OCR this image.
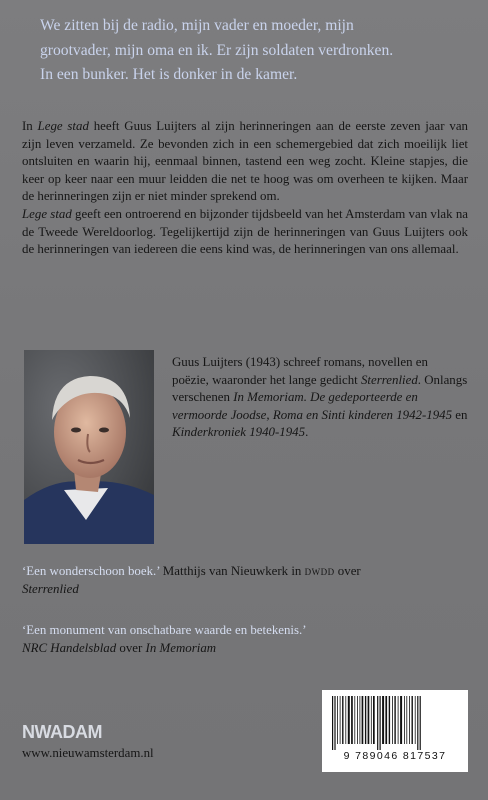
We zitten bij de radio, mijn vader en moeder, mijn

grootvader, mijn oma en ik. Er zijn soldaten verdronken.

In een bunker. Het is donker in de kamer.

In Lege stad heeft Guus Luijters al zijn herinneringen aan de eerste zeven jaar van zijn leven verzameld. Ze bevonden zich in een schemergebied dat zich moeilijk liet ontsluiten en waarin hij, eenmaal binnen, tastend een weg zocht. Kleine stapjes, die keer op keer naar een muur leidden die net te hoog was om overheen te kijken. Maar de herinneringen zijn er niet minder sprekend om.

Lege stad geeft een ontroerend en bijzonder tijdsbeeld van het Amsterdam van vlak na de Tweede Wereldoorlog. Tegelijkertijd zijn de herinneringen van Guus Luijters ook de herinneringen van iedereen die eens kind was, de herinneringen van ons allemaal.

Guus Luijters (1943) schreef romans, novellen en poëzie, waaronder het lange gedicht Sterrenlied. Onlangs verschenen In Memoriam. De gedeporteerde en vermoorde Joodse, Roma en Sinti kinderen 1942-1945 en Kinderkroniek 1940-1945.

‘Een wonderschoon boek.’ Matthijs van Nieuwkerk in dwdd over
Sterrenlied

‘Een monument van onschatbare waarde en betekenis.’
NRC Handelsblad over In Memoriam

NWADAM
www.nieuwamsterdam.nl	9 789046 817537
